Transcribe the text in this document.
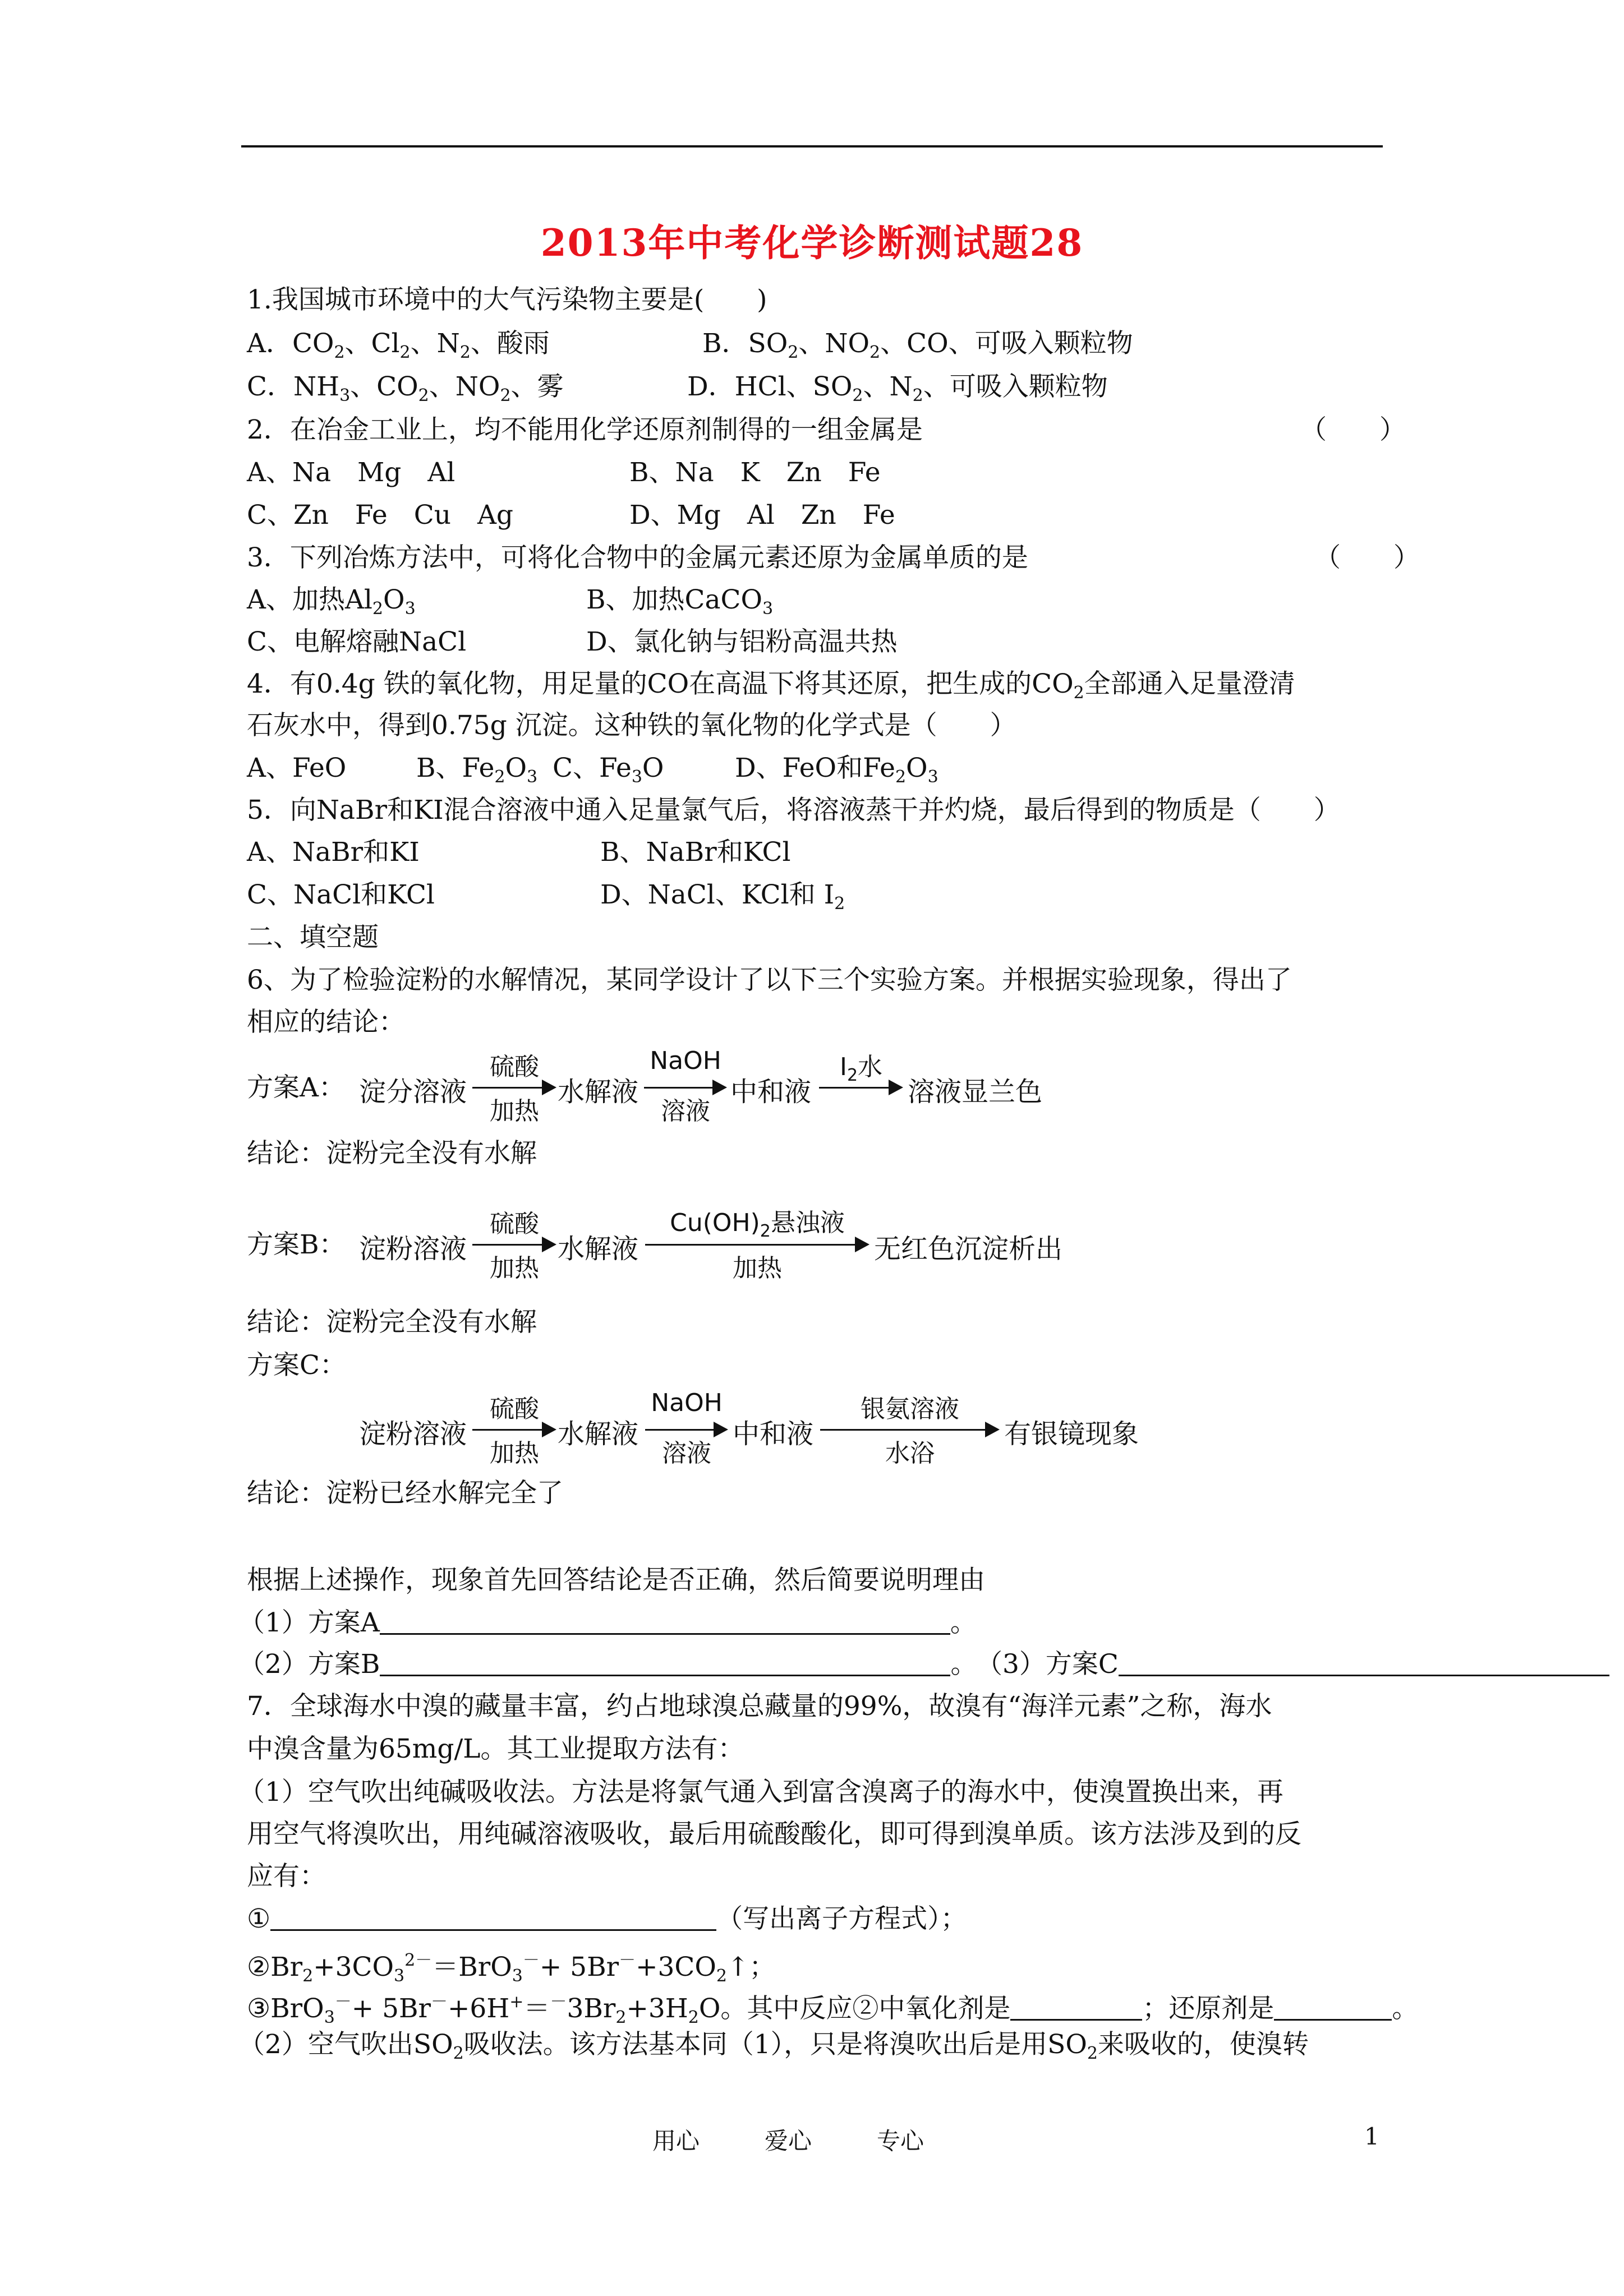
2013年中考化学诊断测试题28
1.我国城市环境中的大气污染物主要是(　　)
A．$CO_2$、$Cl_2$、$N_2$、酸雨	B．$SO_2$、$NO_2$、CO、可吸入颗粒物
C．$NH_3$、$CO_2$、$NO_2$、雾	D．HCl、$SO_2$、$N_2$、可吸入颗粒物
2．在冶金工业上，均不能用化学还原剂制得的一组金属是	（　　）
A、Na　Mg　Al	B、Na　K　Zn　Fe
C、Zn　Fe　Cu　Ag	D、Mg　Al　Zn　Fe
3．下列冶炼方法中，可将化合物中的金属元素还原为金属单质的是	（　　）
A、加热$Al_2O_3$	B、加热CaCO$_3$
C、电解熔融NaCl	D、氯化钠与铝粉高温共热
4．有0.4g 铁的氧化物，用足量的CO在高温下将其还原，把生成的$CO_2$全部通入足量澄清
石灰水中，得到0.75g 沉淀。这种铁的氧化物的化学式是（　　）
A、FeO	B、$Fe_2O_3$ C、$Fe_3O$	D、FeO和$Fe_2O_3$
5．向NaBr和KI混合溶液中通入足量氯气后，将溶液蒸干并灼烧，最后得到的物质是（　　）
A、NaBr和KI	B、NaBr和KCl
C、NaCl和KCl	D、NaCl、KCl和 $I_2$
二、填空题
6、为了检验淀粉的水解情况，某同学设计了以下三个实验方案。并根据实验现象，得出了
相应的结论：
方案A： 淀分溶液
硫酸
加热
水解液
NaOH
溶液
中和液
$I_2$水
溶液显兰色
结论：淀粉完全没有水解
方案B： 淀粉溶液
硫酸
加热
水解液
$Cu(OH)_2$悬浊液
加热
无红色沉淀析出
结论：淀粉完全没有水解
方案C：
淀粉溶液
硫酸
加热
水解液
NaOH
溶液
中和液
银氨溶液
水浴
有银镜现象
结论：淀粉已经水解完全了
根据上述操作，现象首先回答结论是否正确，然后简要说明理由
（1）方案A	。
（2）方案B	。
（3）方案C
7．全球海水中溴的藏量丰富，约占地球溴总藏量的99%，故溴有“海洋元素”之称，海水
中溴含量为65mg/L。其工业提取方法有：
（1）空气吹出纯碱吸收法。方法是将氯气通入到富含溴离子的海水中，使溴置换出来，再
用空气将溴吹出，用纯碱溶液吸收，最后用硫酸酸化，即可得到溴单质。该方法涉及到的反
应有：
①	（写出离子方程式）；
$②Br_2+3CO_3^{2-}=BrO_3^-+$ $5Br^-+3CO_2↑$；
③BrO$_3$－+ $5Br^-+6H^+=^-3Br_2+3H_2O$。其中反应②中氧化剂是	；还原剂是	。
（2）空气吹出$SO_2$吸收法。该方法基本同（1），只是将溴吹出后是用$SO_2$来吸收的，使溴转
用心	爱心	专心	1
